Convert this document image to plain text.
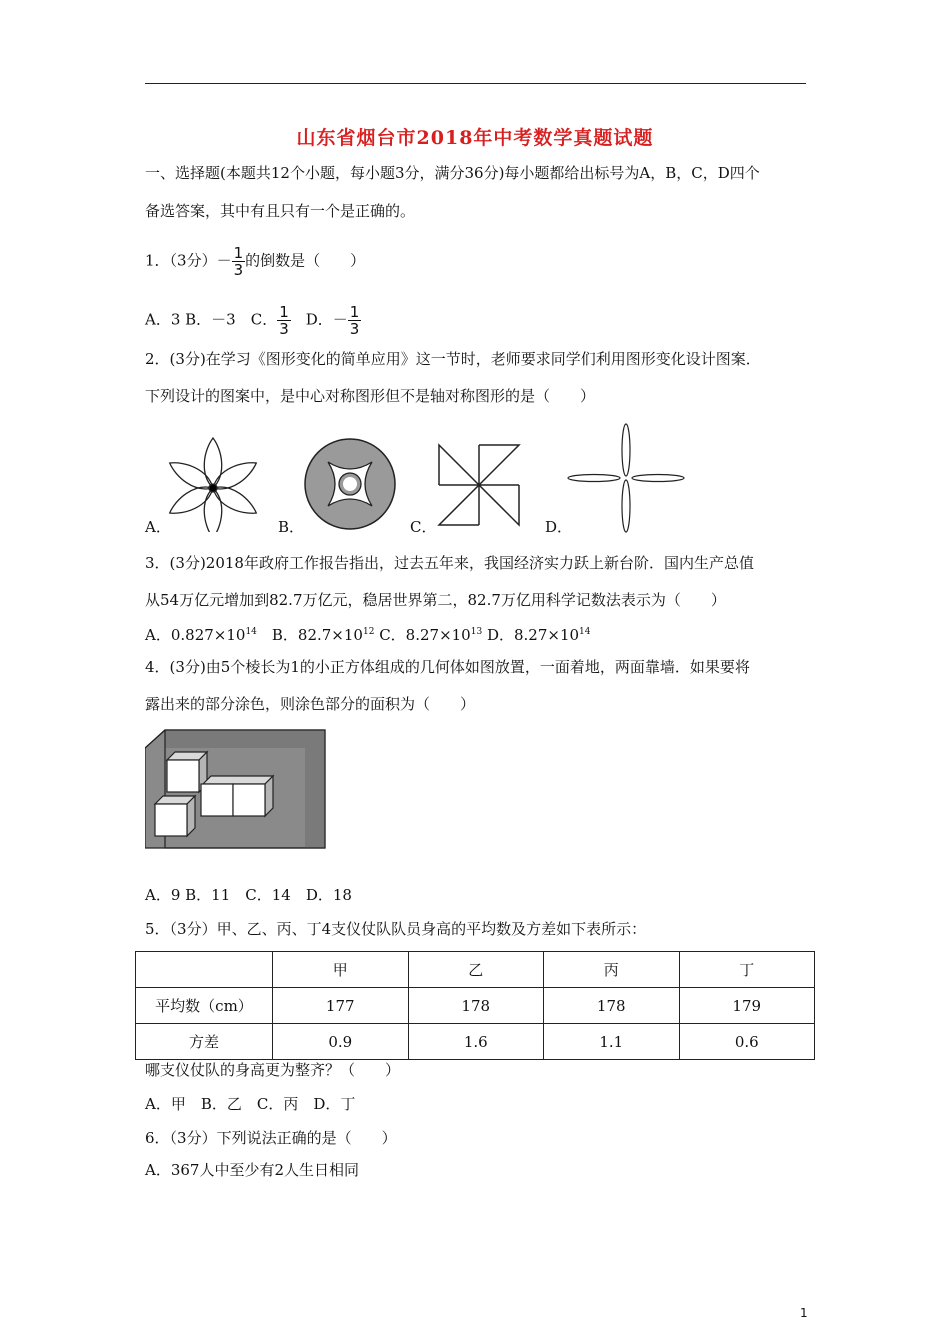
山东省烟台市2018年中考数学真题试题
一、选择题(本题共12个小题，每小题3分，满分36分)每小题都给出标号为A，B，C，D四个
备选答案，其中有且只有一个是正确的。
1．（3分）－ $\frac{1}{3}$ 的倒数是（　　）
A．3 B．－3　C． $\frac{1}{3}$ 　D．－ $\frac{1}{3}$
2．(3分)在学习《图形变化的简单应用》这一节时，老师要求同学们利用图形变化设计图案．
下列设计的图案中，是中心对称图形但不是轴对称图形的是（　　）
A．	B．	C．	D．
3．(3分)2018年政府工作报告指出，过去五年来，我国经济实力跃上新台阶．国内生产总值
从54万亿元增加到82.7万亿元，稳居世界第二，82.7万亿用科学记数法表示为（　　）
A．$0.827\times 10^{14}$　B．$82.7\times 10^{12}$ C．$8.27\times 10^{13}$ D．$8.27\times 10^{14}$
4．(3分)由5个棱长为1的小正方体组成的几何体如图放置，一面着地，两面靠墙．如果要将
露出来的部分涂色，则涂色部分的面积为（　　）
A．9 B．11　C．14　D．18
5．（3分）甲、乙、丙、丁4支仪仗队队员身高的平均数及方差如下表所示：
	甲	乙	丙	丁
平均数（cm）	177	178	178	179
方差	0.9	1.6	1.1	0.6
哪支仪仗队的身高更为整齐？（　　）
A．甲　B．乙　C．丙　D．丁
6．（3分）下列说法正确的是（　　）
A．367人中至少有2人生日相同
1
